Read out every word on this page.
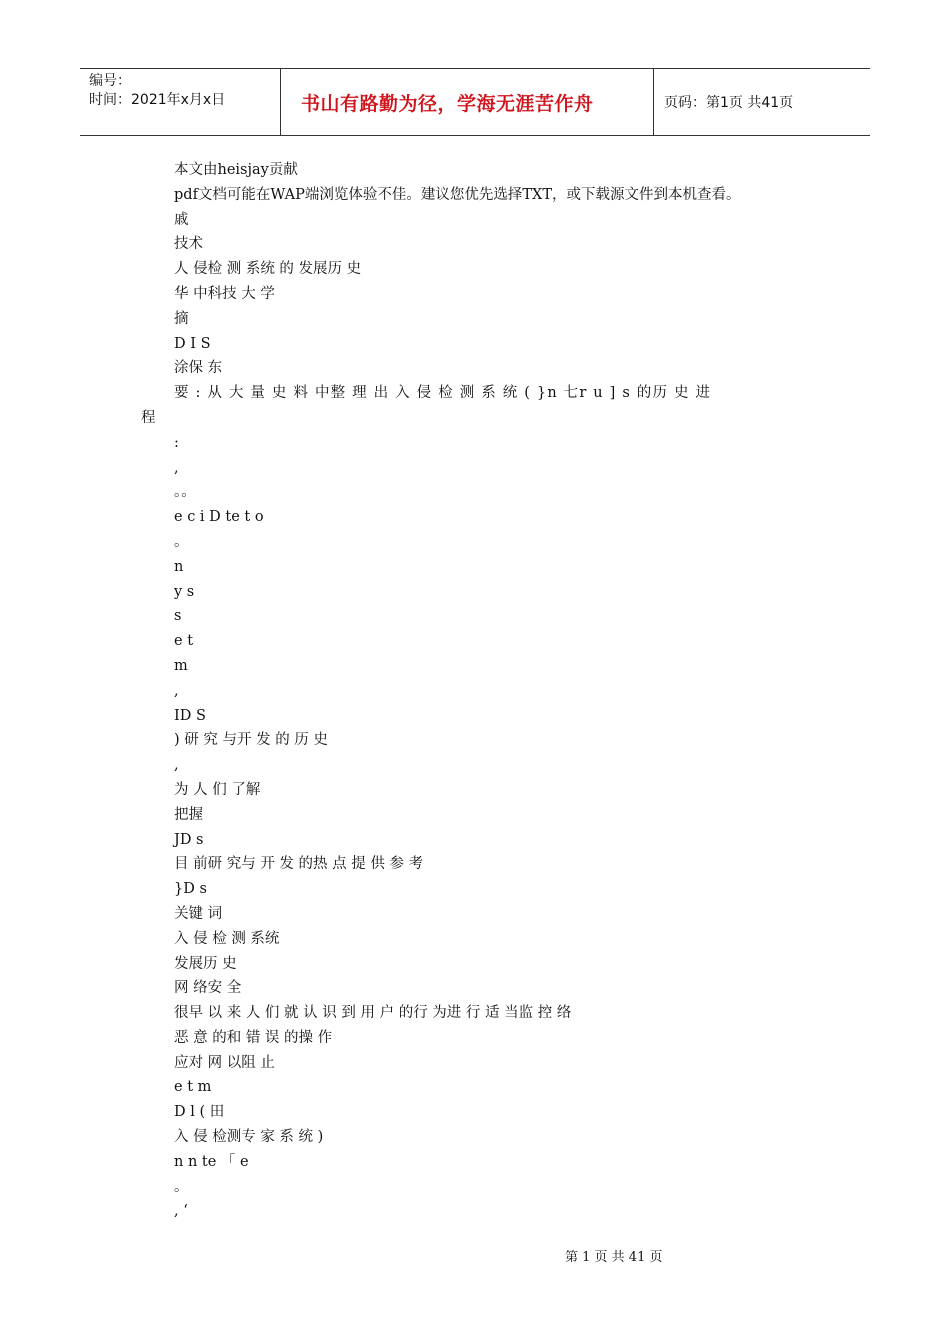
编号：
时间：2021年x月x日	书山有路勤为径，学海无涯苦作舟	页码：第1页 共41页
本文由heisjay贡献
pdf文档可能在WAP端浏览体验不佳。建议您优先选择TXT，或下载源文件到本机查看。
戚
技术
人 侵检 测 系统 的 发展历 史
华 中科技 大 学
摘
D I S
涂保 东
要 : 从 大 量 史 料 中整 理 出 入 侵 检 测 系 统 ( }n 七r u ] s 的历 史 进
程
:
,
。。
e c i D te t o
。
n
y s
s
e t
m
,
ID S
) 研 究 与开 发 的 历 史
,
为 人 们 了解
把握
JD s
目 前研 究与 开 发 的热 点 提 供 参 考
}D s
关键 词
入 侵 检 测 系统
发展历 史
网 络安 全
很早 以 来 人 们 就 认 识 到 用 户 的行 为进 行 适 当监 控 络
恶 意 的和 错 误 的操 作
应对 网 以阻 止
e t m
D l ( 田
入 侵 检测专 家 系 统 )
n n te 「 e
。
, ‘
第 1 页 共 41 页
